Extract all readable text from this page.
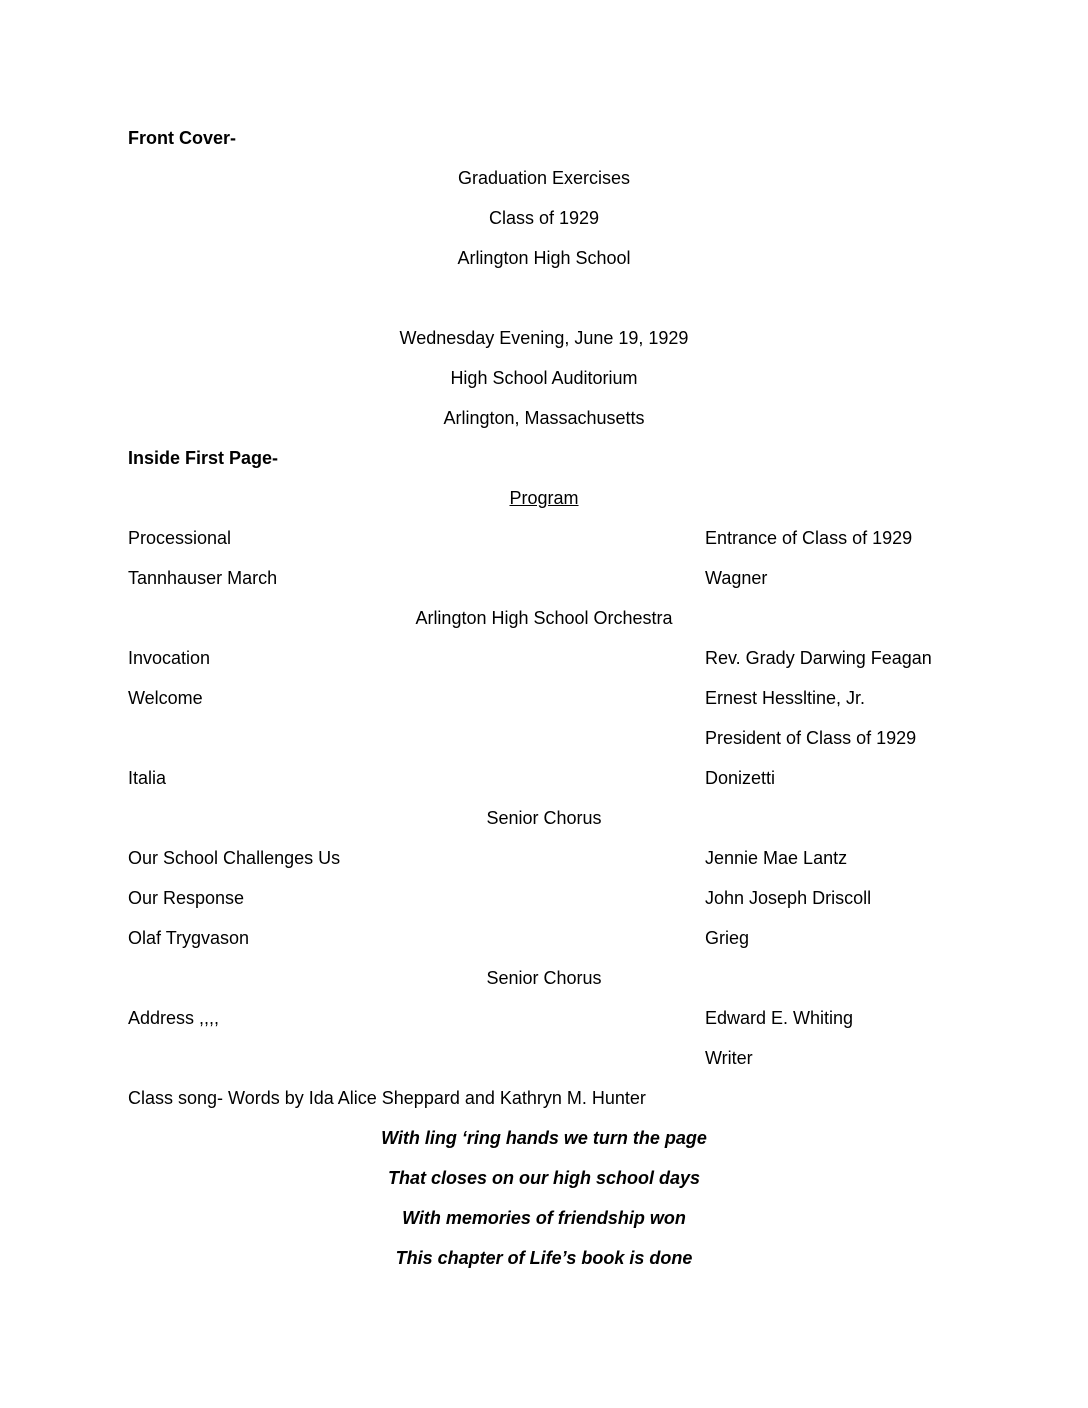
Front Cover-
Graduation Exercises
Class of 1929
Arlington High School
Wednesday Evening, June 19, 1929
High School Auditorium
Arlington, Massachusetts
Inside First Page-
Program
Processional	Entrance of Class of 1929
Tannhauser March	Wagner
Arlington High School Orchestra
Invocation	Rev. Grady Darwing Feagan
Welcome	Ernest Hessltine, Jr.
President of Class of 1929
Italia	Donizetti
Senior Chorus
Our School Challenges Us	Jennie Mae Lantz
Our Response	John Joseph Driscoll
Olaf Trygvason	Grieg
Senior Chorus
Address ,,,,	Edward E. Whiting
Writer
Class song- Words by Ida Alice Sheppard and Kathryn M. Hunter
With ling ‘ring hands we turn the page
That closes on our high school days
With memories of friendship won
This chapter of Life’s book is done
